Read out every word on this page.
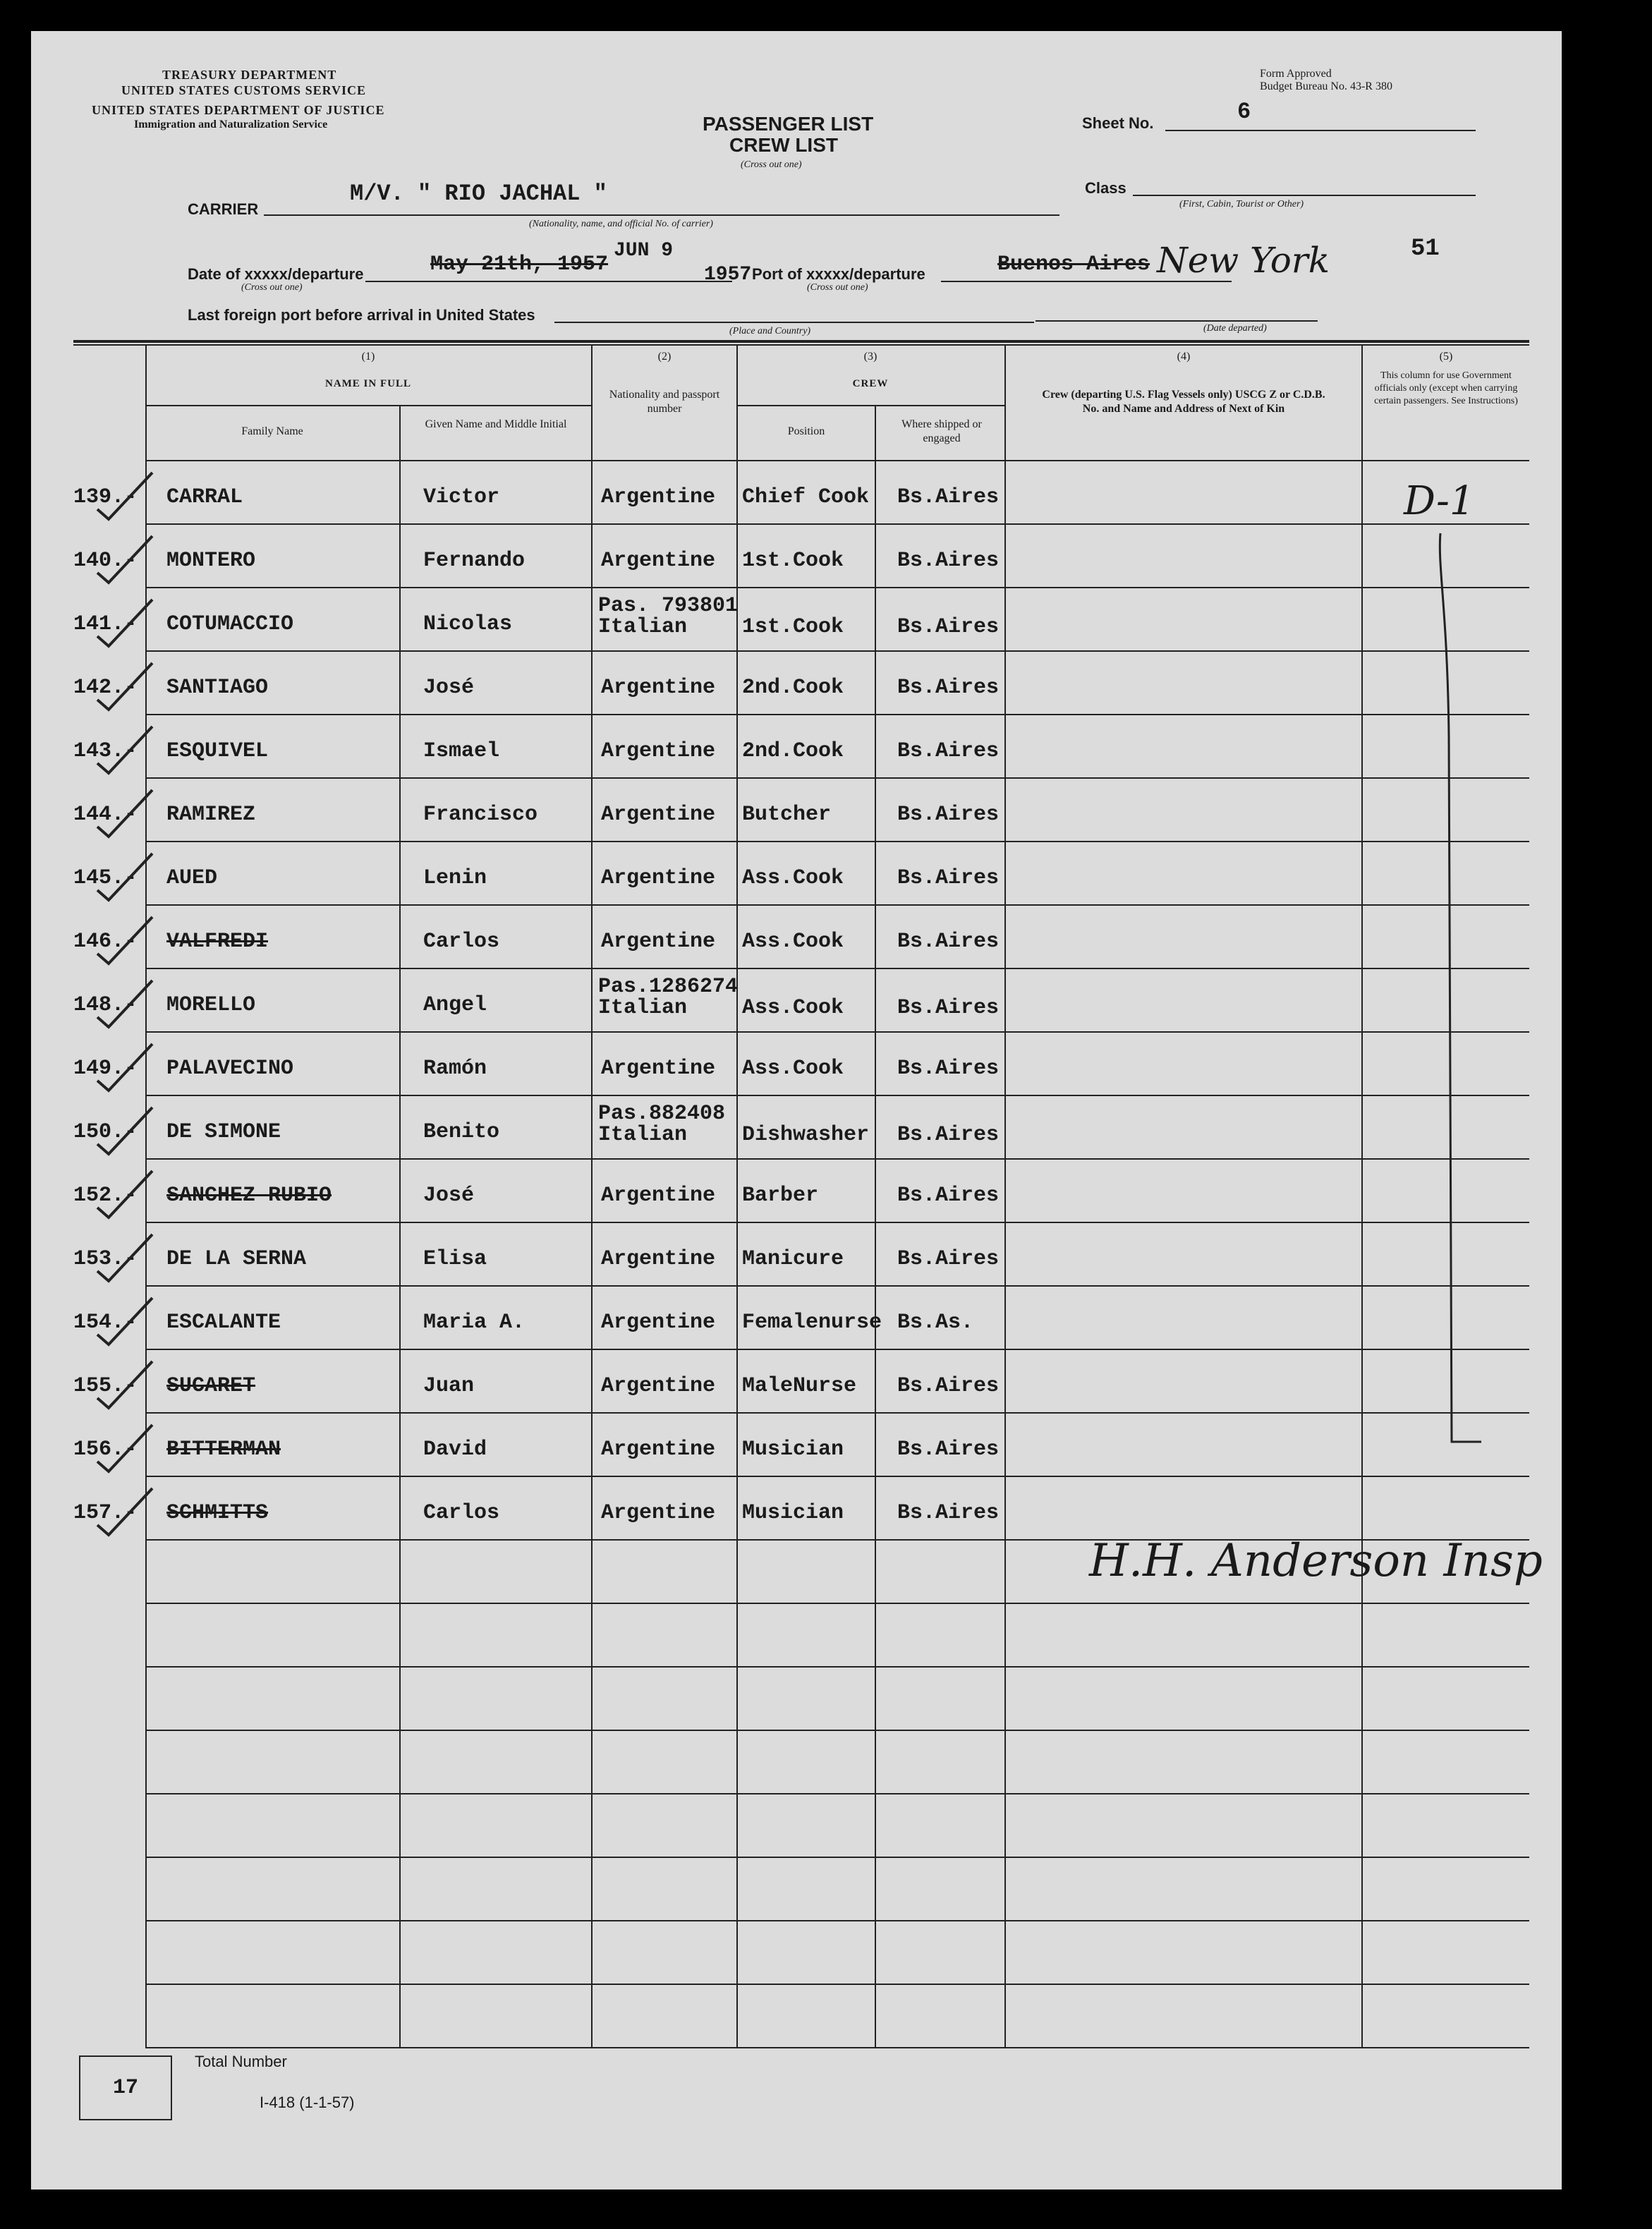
TREASURY DEPARTMENT
UNITED STATES CUSTOMS SERVICE
UNITED STATES DEPARTMENT OF JUSTICE
Immigration and Naturalization Service
Form Approved
Budget Bureau No. 43-R 380
PASSENGER LIST
CREW LIST
(Cross out one)
Sheet No.	6
Class
(First, Cabin, Tourist or Other)
CARRIER
M/V. " RIO JACHAL "
(Nationality, name, and official No. of carrier)
Date of xxxxx/departure
(Cross out one)
May 21th, 1957
JUN 9
1957 Port of xxxxx/departure
(Cross out one)
Buenos Aires New York	51
Last foreign port before arrival in United States
(Place and Country)	(Date departed)
(1)
NAME IN FULL
Family Name
Given Name and Middle Initial
(2)
Nationality and passport number
(3)
CREW
Position
Where shipped or engaged
(4)
Crew (departing U.S. Flag Vessels only) USCG Z or C.D.B. No. and Name and Address of Next of Kin
(5)
This column for use Government officials only (except when carrying certain passengers. See Instructions)
139.- CARRAL	Victor	Argentine Chief Cook Bs.Aires
140.- MONTERO	Fernando	Argentine 1st.Cook	Bs.Aires
141.- COTUMACCIO	Nicolas
Pas. 793801
Italian	1st.Cook	Bs.Aires
142.- SANTIAGO	José	Argentine 2nd.Cook	Bs.Aires
143.- ESQUIVEL	Ismael	Argentine 2nd.Cook	Bs.Aires
144.- RAMIREZ	Francisco	Argentine Butcher	Bs.Aires
145.- AUED	Lenin	Argentine Ass.Cook	Bs.Aires
146.- VALFREDI	Carlos	Argentine Ass.Cook	Bs.Aires
148.- MORELLO	Angel
Pas.1286274
Italian	Ass.Cook	Bs.Aires
149.- PALAVECINO	Ramón	Argentine Ass.Cook	Bs.Aires
150.- DE SIMONE	Benito
Pas.882408
Italian	Dishwasher Bs.Aires
152.- SANCHEZ RUBIO	José	Argentine Barber	Bs.Aires
153.- DE LA SERNA	Elisa	Argentine Manicure	Bs.Aires
154.- ESCALANTE	Maria A.	Argentine Femalenurse Bs.As.
155.- SUCARET	Juan	Argentine MaleNurse Bs.Aires
156.- BITTERMAN	David	Argentine Musician	Bs.Aires
157.- SCHMITTS	Carlos	Argentine Musician	Bs.Aires
D-1
H.H. Anderson Insp
17
Total Number
I-418 (1-1-57)
